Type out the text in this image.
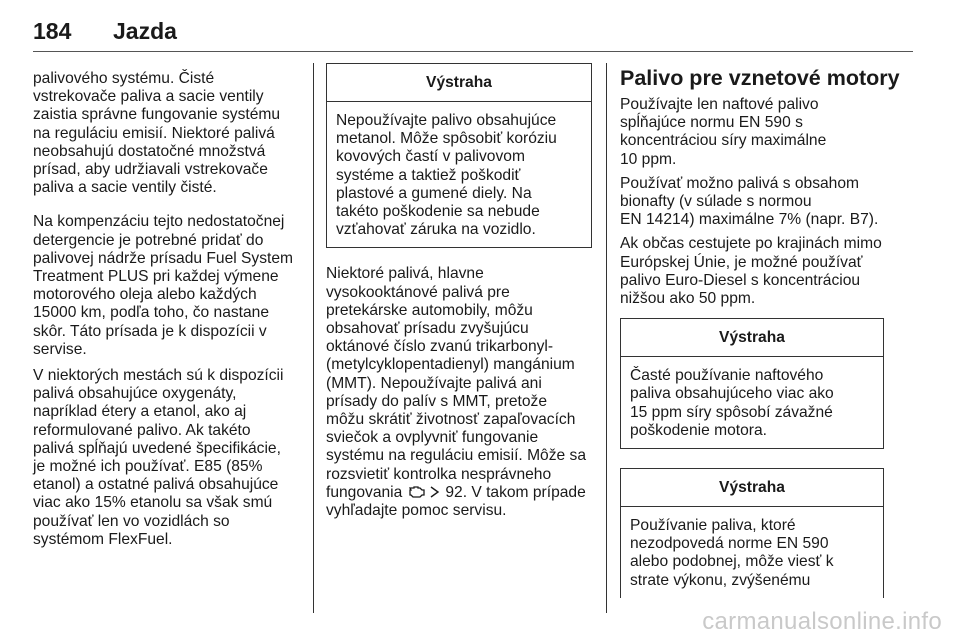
184	Jazda

palivového systému. Čisté
vstrekovače paliva a sacie ventily
zaistia správne fungovanie systému
na reguláciu emisií. Niektoré palivá
neobsahujú dostatočné množstvá
prísad, aby udržiavali vstrekovače
paliva a sacie ventily čisté.

Na kompenzáciu tejto nedostatočnej
detergencie je potrebné pridať do
palivovej nádrže prísadu Fuel System
Treatment PLUS pri každej výmene
motorového oleja alebo každých
15000 km, podľa toho, čo nastane
skôr. Táto prísada je k dispozícii v
servise.
V niektorých mestách sú k dispozícii
palivá obsahujúce oxygenáty,
napríklad étery a etanol, ako aj
reformulované palivo. Ak takéto
palivá spĺňajú uvedené špecifikácie,
je možné ich používať. E85 (85%
etanol) a ostatné palivá obsahujúce
viac ako 15% etanolu sa však smú
používať len vo vozidlách so
systémom FlexFuel.
Výstraha
Nepoužívajte palivo obsahujúce
metanol. Môže spôsobiť koróziu
kovových častí v palivovom
systéme a taktiež poškodiť
plastové a gumené diely. Na
takéto poškodenie sa nebude
vzťahovať záruka na vozidlo.
Niektoré palivá, hlavne
vysokooktánové palivá pre
pretekárske automobily, môžu
obsahovať prísadu zvyšujúcu
oktánové číslo zvanú trikarbonyl-
(metylcyklopentadienyl) mangánium
(MMT). Nepoužívajte palivá ani
prísady do palív s MMT, pretože
môžu skrátiť životnosť zapaľovacích
sviečok a ovplyvniť fungovanie
systému na reguláciu emisií. Môže sa
rozsvietiť kontrolka nesprávneho
fungovania	92. V takom prípade
vyhľadajte pomoc servisu.
Palivo pre vznetové motory
Používajte len naftové palivo
spĺňajúce normu EN 590 s
koncentráciou síry maximálne
10 ppm.
Používať možno palivá s obsahom
bionafty (v súlade s normou
EN 14214) maximálne 7% (napr. B7).
Ak občas cestujete po krajinách mimo
Európskej Únie, je možné používať
palivo Euro-Diesel s koncentráciou
nižšou ako 50 ppm.
Výstraha
Časté používanie naftového
paliva obsahujúceho viac ako
15 ppm síry spôsobí závažné
poškodenie motora.
Výstraha
Používanie paliva, ktoré
nezodpovedá norme EN 590
alebo podobnej, môže viesť k
strate výkonu, zvýšenému
carmanualsonline.info
